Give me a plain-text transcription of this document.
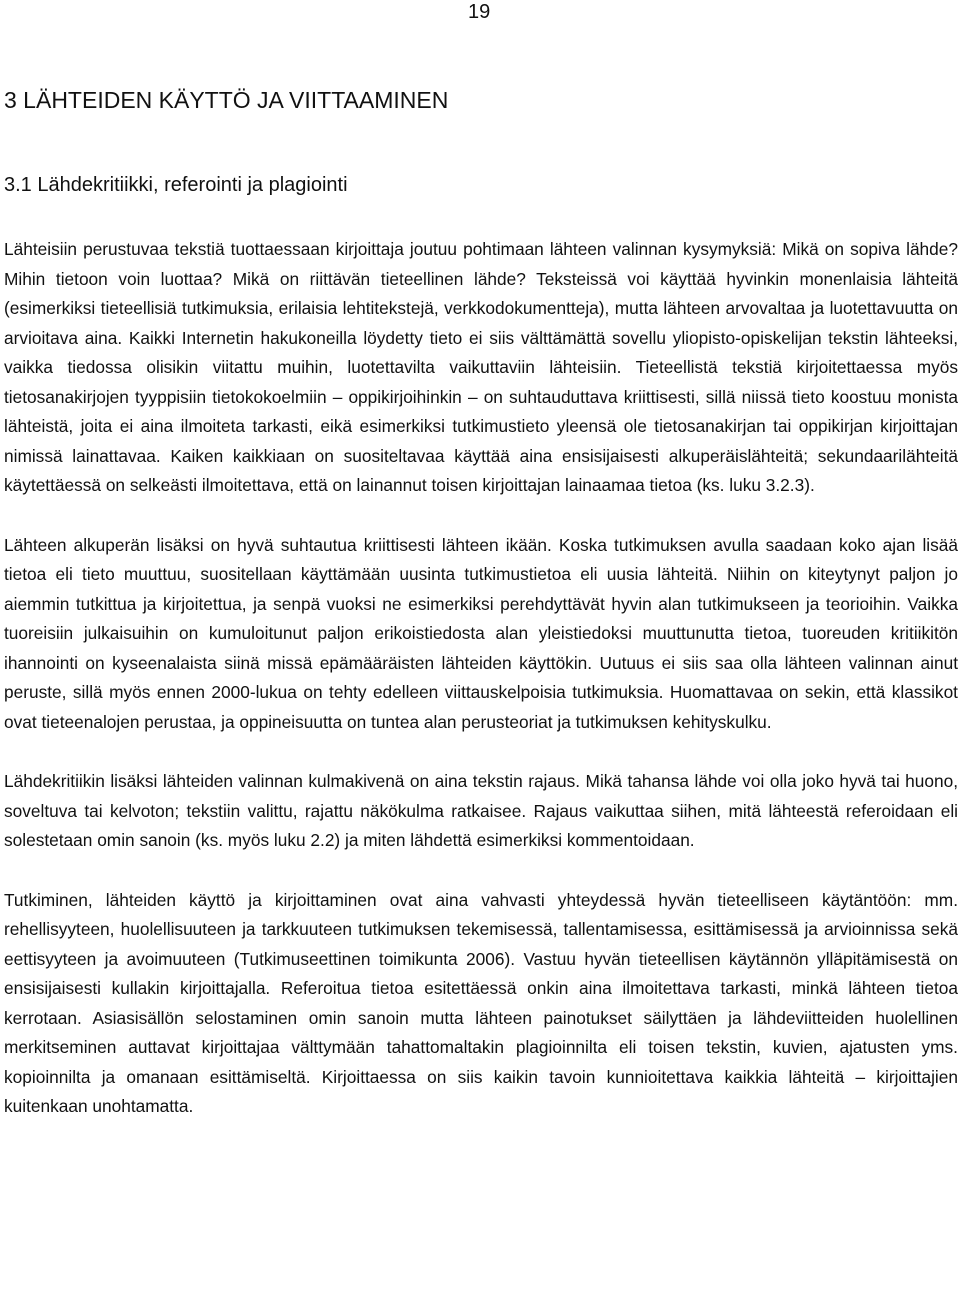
19
3 LÄHTEIDEN KÄYTTÖ JA VIITTAAMINEN
3.1 Lähdekritiikki, referointi ja plagiointi

Lähteisiin perustuvaa tekstiä tuottaessaan kirjoittaja joutuu pohtimaan lähteen valinnan kysymyksiä: Mikä on sopiva lähde? Mihin tietoon voin luottaa? Mikä on riittävän tieteellinen lähde? Teksteissä voi käyttää hyvinkin monenlaisia lähteitä (esimerkiksi tieteellisiä tutkimuksia, erilaisia lehtitekstejä, verkkodokumentteja), mutta lähteen arvovaltaa ja luotettavuutta on arvioitava aina. Kaikki Internetin hakukoneilla löydetty tieto ei siis välttämättä sovellu yliopisto-opiskelijan tekstin lähteeksi, vaikka tiedossa olisikin viitattu muihin, luotettavilta vaikuttaviin lähteisiin. Tieteellistä tekstiä kirjoitettaessa myös tietosanakirjojen tyyppisiin tietokokoelmiin – oppikirjoihinkin – on suhtauduttava kriittisesti, sillä niissä tieto koostuu monista lähteistä, joita ei aina ilmoiteta tarkasti, eikä esimerkiksi tutkimustieto yleensä ole tietosanakirjan tai oppikirjan kirjoittajan nimissä lainattavaa. Kaiken kaikkiaan on suositeltavaa käyttää aina ensisijaisesti alkuperäislähteitä; sekundaarilähteitä käytettäessä on selkeästi ilmoitettava, että on lainannut toisen kirjoittajan lainaamaa tietoa (ks. luku 3.2.3).

Lähteen alkuperän lisäksi on hyvä suhtautua kriittisesti lähteen ikään. Koska tutkimuksen avulla saadaan koko ajan lisää tietoa eli tieto muuttuu, suositellaan käyttämään uusinta tutkimustietoa eli uusia lähteitä. Niihin on kiteytynyt paljon jo aiemmin tutkittua ja kirjoitettua, ja senpä vuoksi ne esimerkiksi perehdyttävät hyvin alan tutkimukseen ja teorioihin. Vaikka tuoreisiin julkaisuihin on kumuloitunut paljon erikoistiedosta alan yleistiedoksi muuttunutta tietoa, tuoreuden kritiikitön ihannointi on kyseenalaista siinä missä epämääräisten lähteiden käyttökin. Uutuus ei siis saa olla lähteen valinnan ainut peruste, sillä myös ennen 2000-lukua on tehty edelleen viittauskelpoisia tutkimuksia. Huomattavaa on sekin, että klassikot ovat tieteenalojen perustaa, ja oppineisuutta on tuntea alan perusteoriat ja tutkimuksen kehityskulku.

Lähdekritiikin lisäksi lähteiden valinnan kulmakivenä on aina tekstin rajaus. Mikä tahansa lähde voi olla joko hyvä tai huono, soveltuva tai kelvoton; tekstiin valittu, rajattu näkökulma ratkaisee. Rajaus vaikuttaa siihen, mitä lähteestä referoidaan eli solestetaan omin sanoin (ks. myös luku 2.2) ja miten lähdettä esimerkiksi kommentoidaan.

Tutkiminen, lähteiden käyttö ja kirjoittaminen ovat aina vahvasti yhteydessä hyvän tieteelliseen käytäntöön: mm. rehellisyyteen, huolellisuuteen ja tarkkuuteen tutkimuksen tekemisessä, tallentamisessa, esittämisessä ja arvioinnissa sekä eettisyyteen ja avoimuuteen (Tutkimuseettinen toimikunta 2006). Vastuu hyvän tieteellisen käytännön ylläpitämisestä on ensisijaisesti kullakin kirjoittajalla. Referoitua tietoa esitettäessä onkin aina ilmoitettava tarkasti, minkä lähteen tietoa kerrotaan. Asiasisällön selostaminen omin sanoin mutta lähteen painotukset säilyttäen ja lähdeviitteiden huolellinen merkitseminen auttavat kirjoittajaa välttymään tahattomaltakin plagioinnilta eli toisen tekstin, kuvien, ajatusten yms. kopioinnilta ja omanaan esittämiseltä. Kirjoittaessa on siis kaikin tavoin kunnioitettava kaikkia lähteitä – kirjoittajien kuitenkaan unohtamatta.
